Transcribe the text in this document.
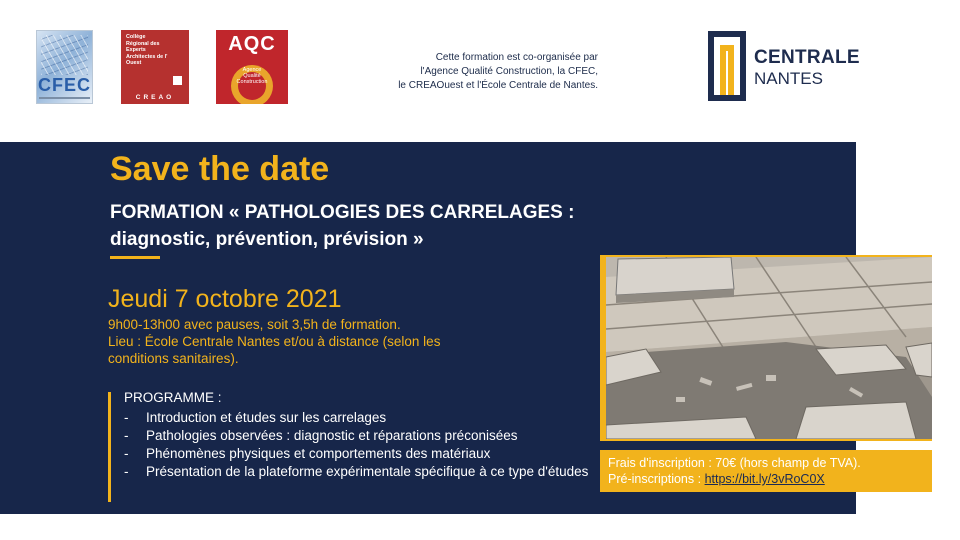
CFEC
Collège
Régional des
Experts
Architectes de l'
Ouest
CREAO
AQC
Agence
Qualité
Construction
Cette formation est co-organisée par
l'Agence Qualité Construction, la CFEC,
le CREAOuest et l'École Centrale de Nantes.
CENTRALE
NANTES
Save the date
FORMATION « PATHOLOGIES DES CARRELAGES :
diagnostic, prévention, prévision »
Jeudi 7 octobre 2021
9h00-13h00 avec pauses, soit 3,5h de formation.
Lieu : École Centrale Nantes et/ou à distance (selon les
conditions sanitaires).
PROGRAMME :
- Introduction et études sur les carrelages
- Pathologies observées : diagnostic et réparations préconisées
- Phénomènes physiques et comportements des matériaux
- Présentation de la plateforme expérimentale spécifique à ce type d'études
Frais d'inscription : 70€ (hors champ de TVA).
Pré-inscriptions : https://bit.ly/3vRoC0X
